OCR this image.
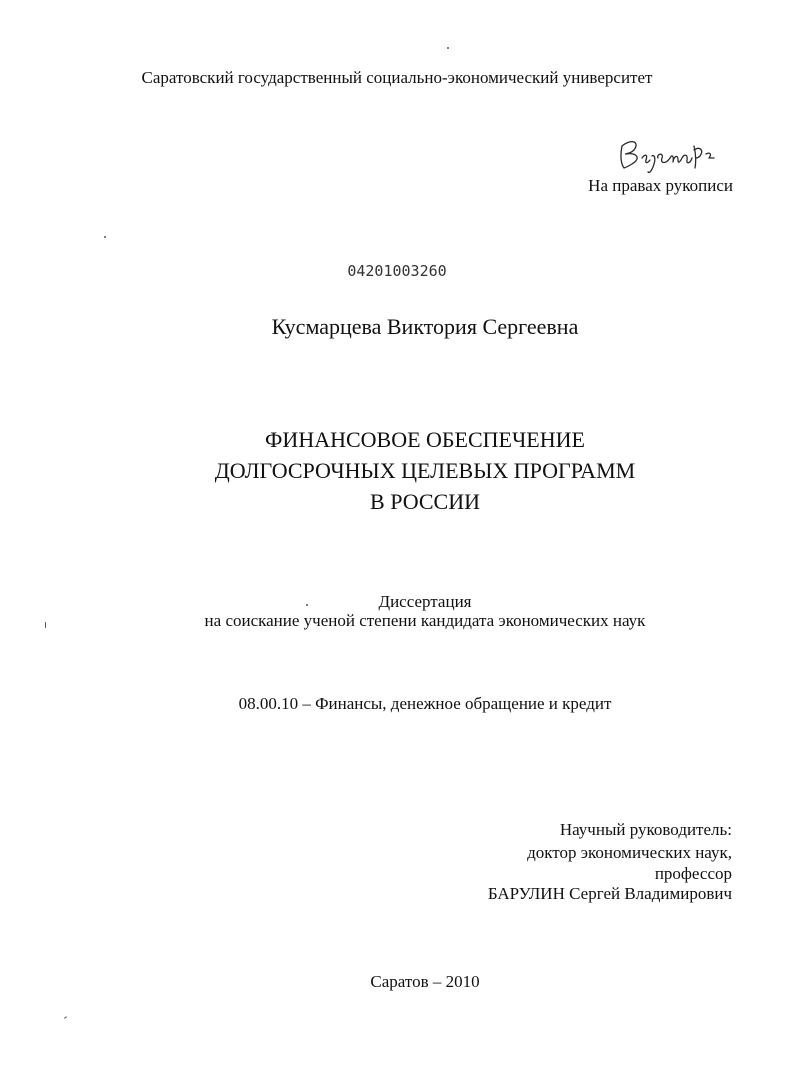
Саратовский государственный социально-экономический университет
На правах рукописи
04201003260
Кусмарцева Виктория Сергеевна
ФИНАНСОВОЕ ОБЕСПЕЧЕНИЕ
ДОЛГОСРОЧНЫХ ЦЕЛЕВЫХ ПРОГРАММ
В РОССИИ
Диссертация
на соискание ученой степени кандидата экономических наук
08.00.10 – Финансы, денежное обращение и кредит
Научный руководитель:
доктор экономических наук,
профессор
БАРУЛИН Сергей Владимирович
Саратов – 2010
